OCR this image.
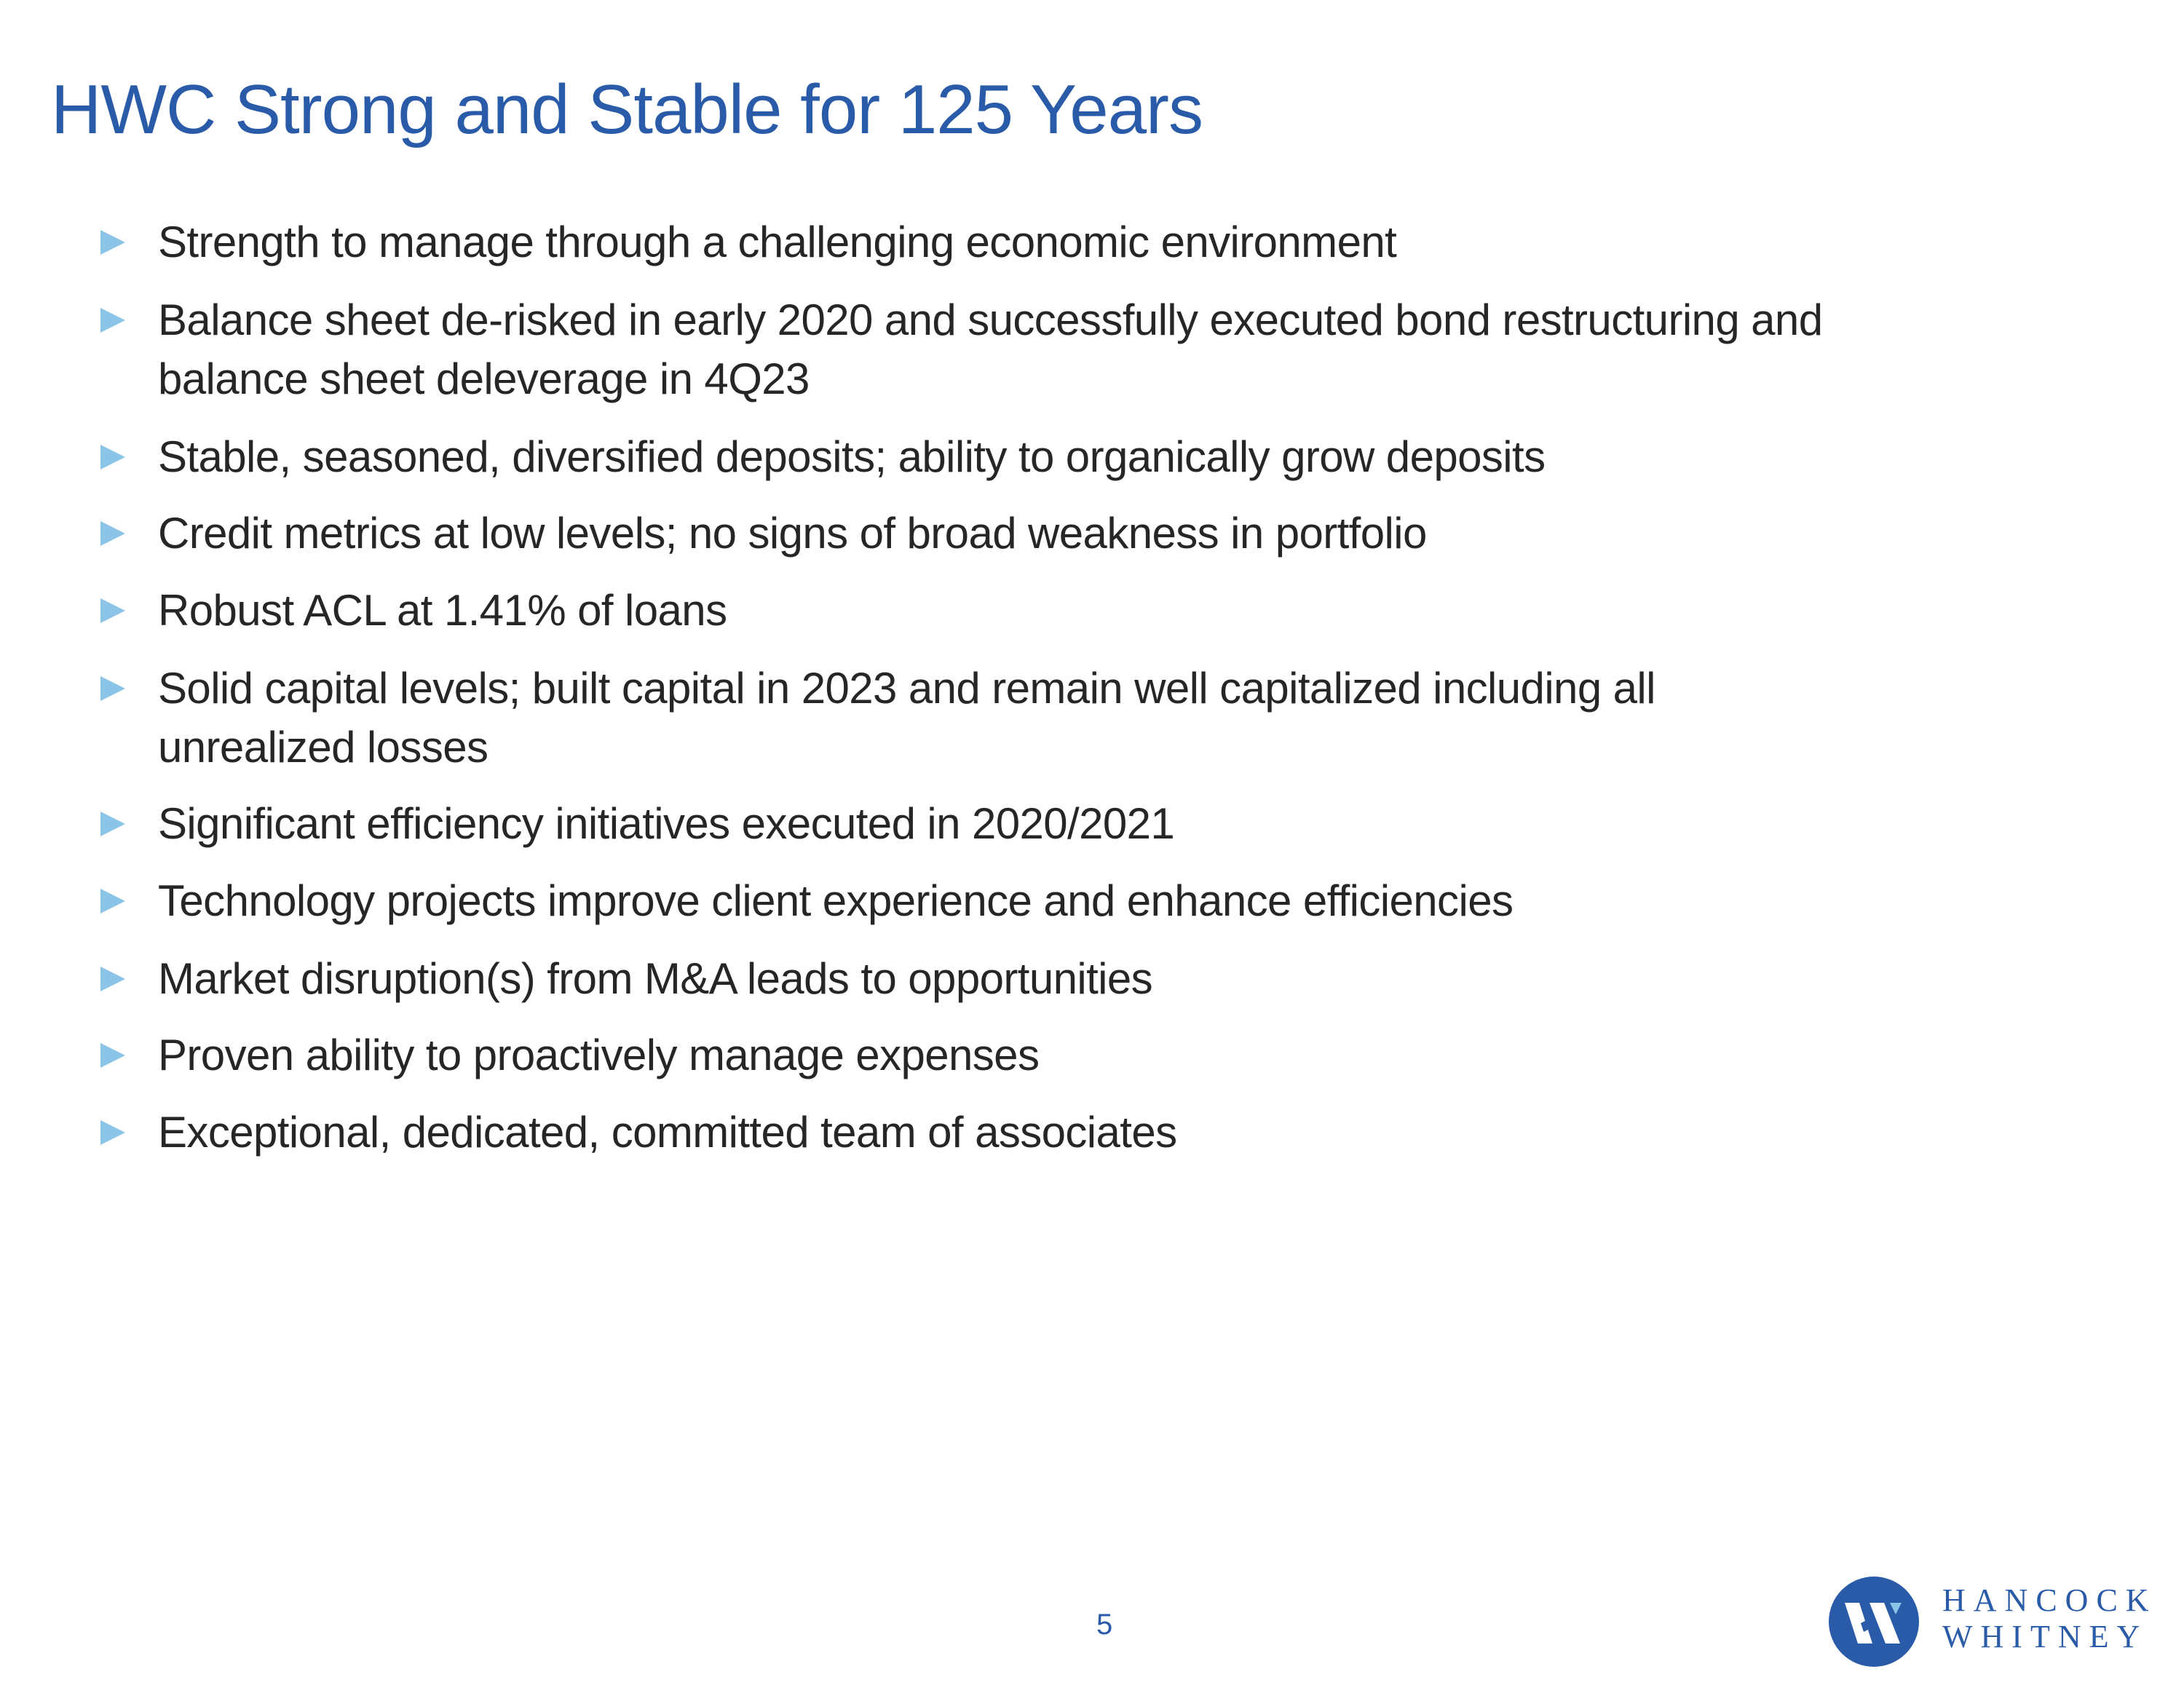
HWC Strong and Stable for 125 Years
Strength to manage through a challenging economic environment
Balance sheet de-risked in early 2020 and successfully executed bond restructuring and
balance sheet deleverage in 4Q23
Stable, seasoned, diversified deposits; ability to organically grow deposits
Credit metrics at low levels; no signs of broad weakness in portfolio
Robust ACL at 1.41% of loans
Solid capital levels; built capital in 2023 and remain well capitalized including all
unrealized losses
Significant efficiency initiatives executed in 2020/2021
Technology projects improve client experience and enhance efficiencies
Market disruption(s) from M&A leads to opportunities
Proven ability to proactively manage expenses
Exceptional, dedicated, committed team of associates
5
HANCOCK
WHITNEY
